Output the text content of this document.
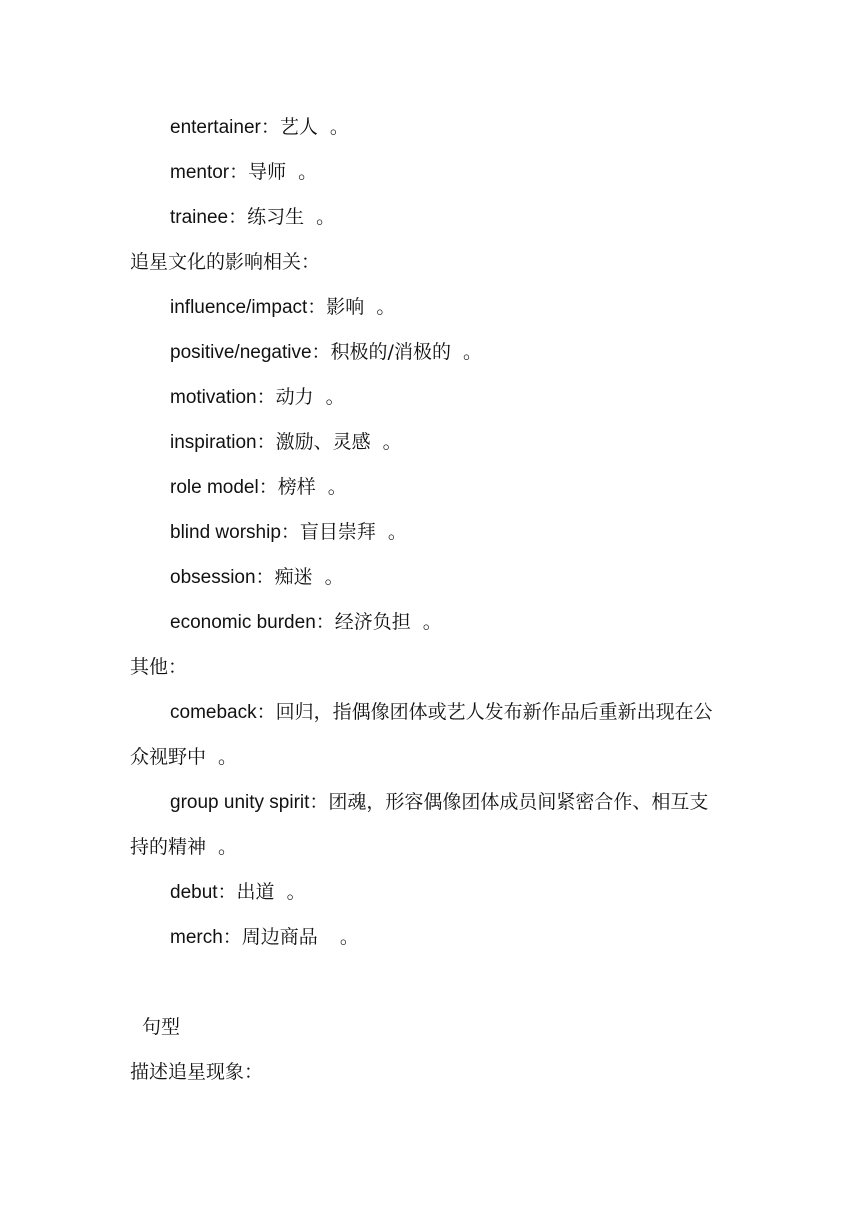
entertainer：艺人 。
mentor：导师 。
trainee：练习生 。
追星文化的影响相关：
influence/impact：影响 。
positive/negative：积极的/消极的 。
motivation：动力 。
inspiration：激励、灵感 。
role model：榜样 。
blind worship：盲目崇拜 。
obsession：痴迷 。
economic burden：经济负担 。
其他：
comeback：回归，指偶像团体或艺人发布新作品后重新出现在公
众视野中 。
group unity spirit：团魂，形容偶像团体成员间紧密合作、相互支
持的精神 。
debut：出道 。
merch：周边商品 。
句型
描述追星现象：
